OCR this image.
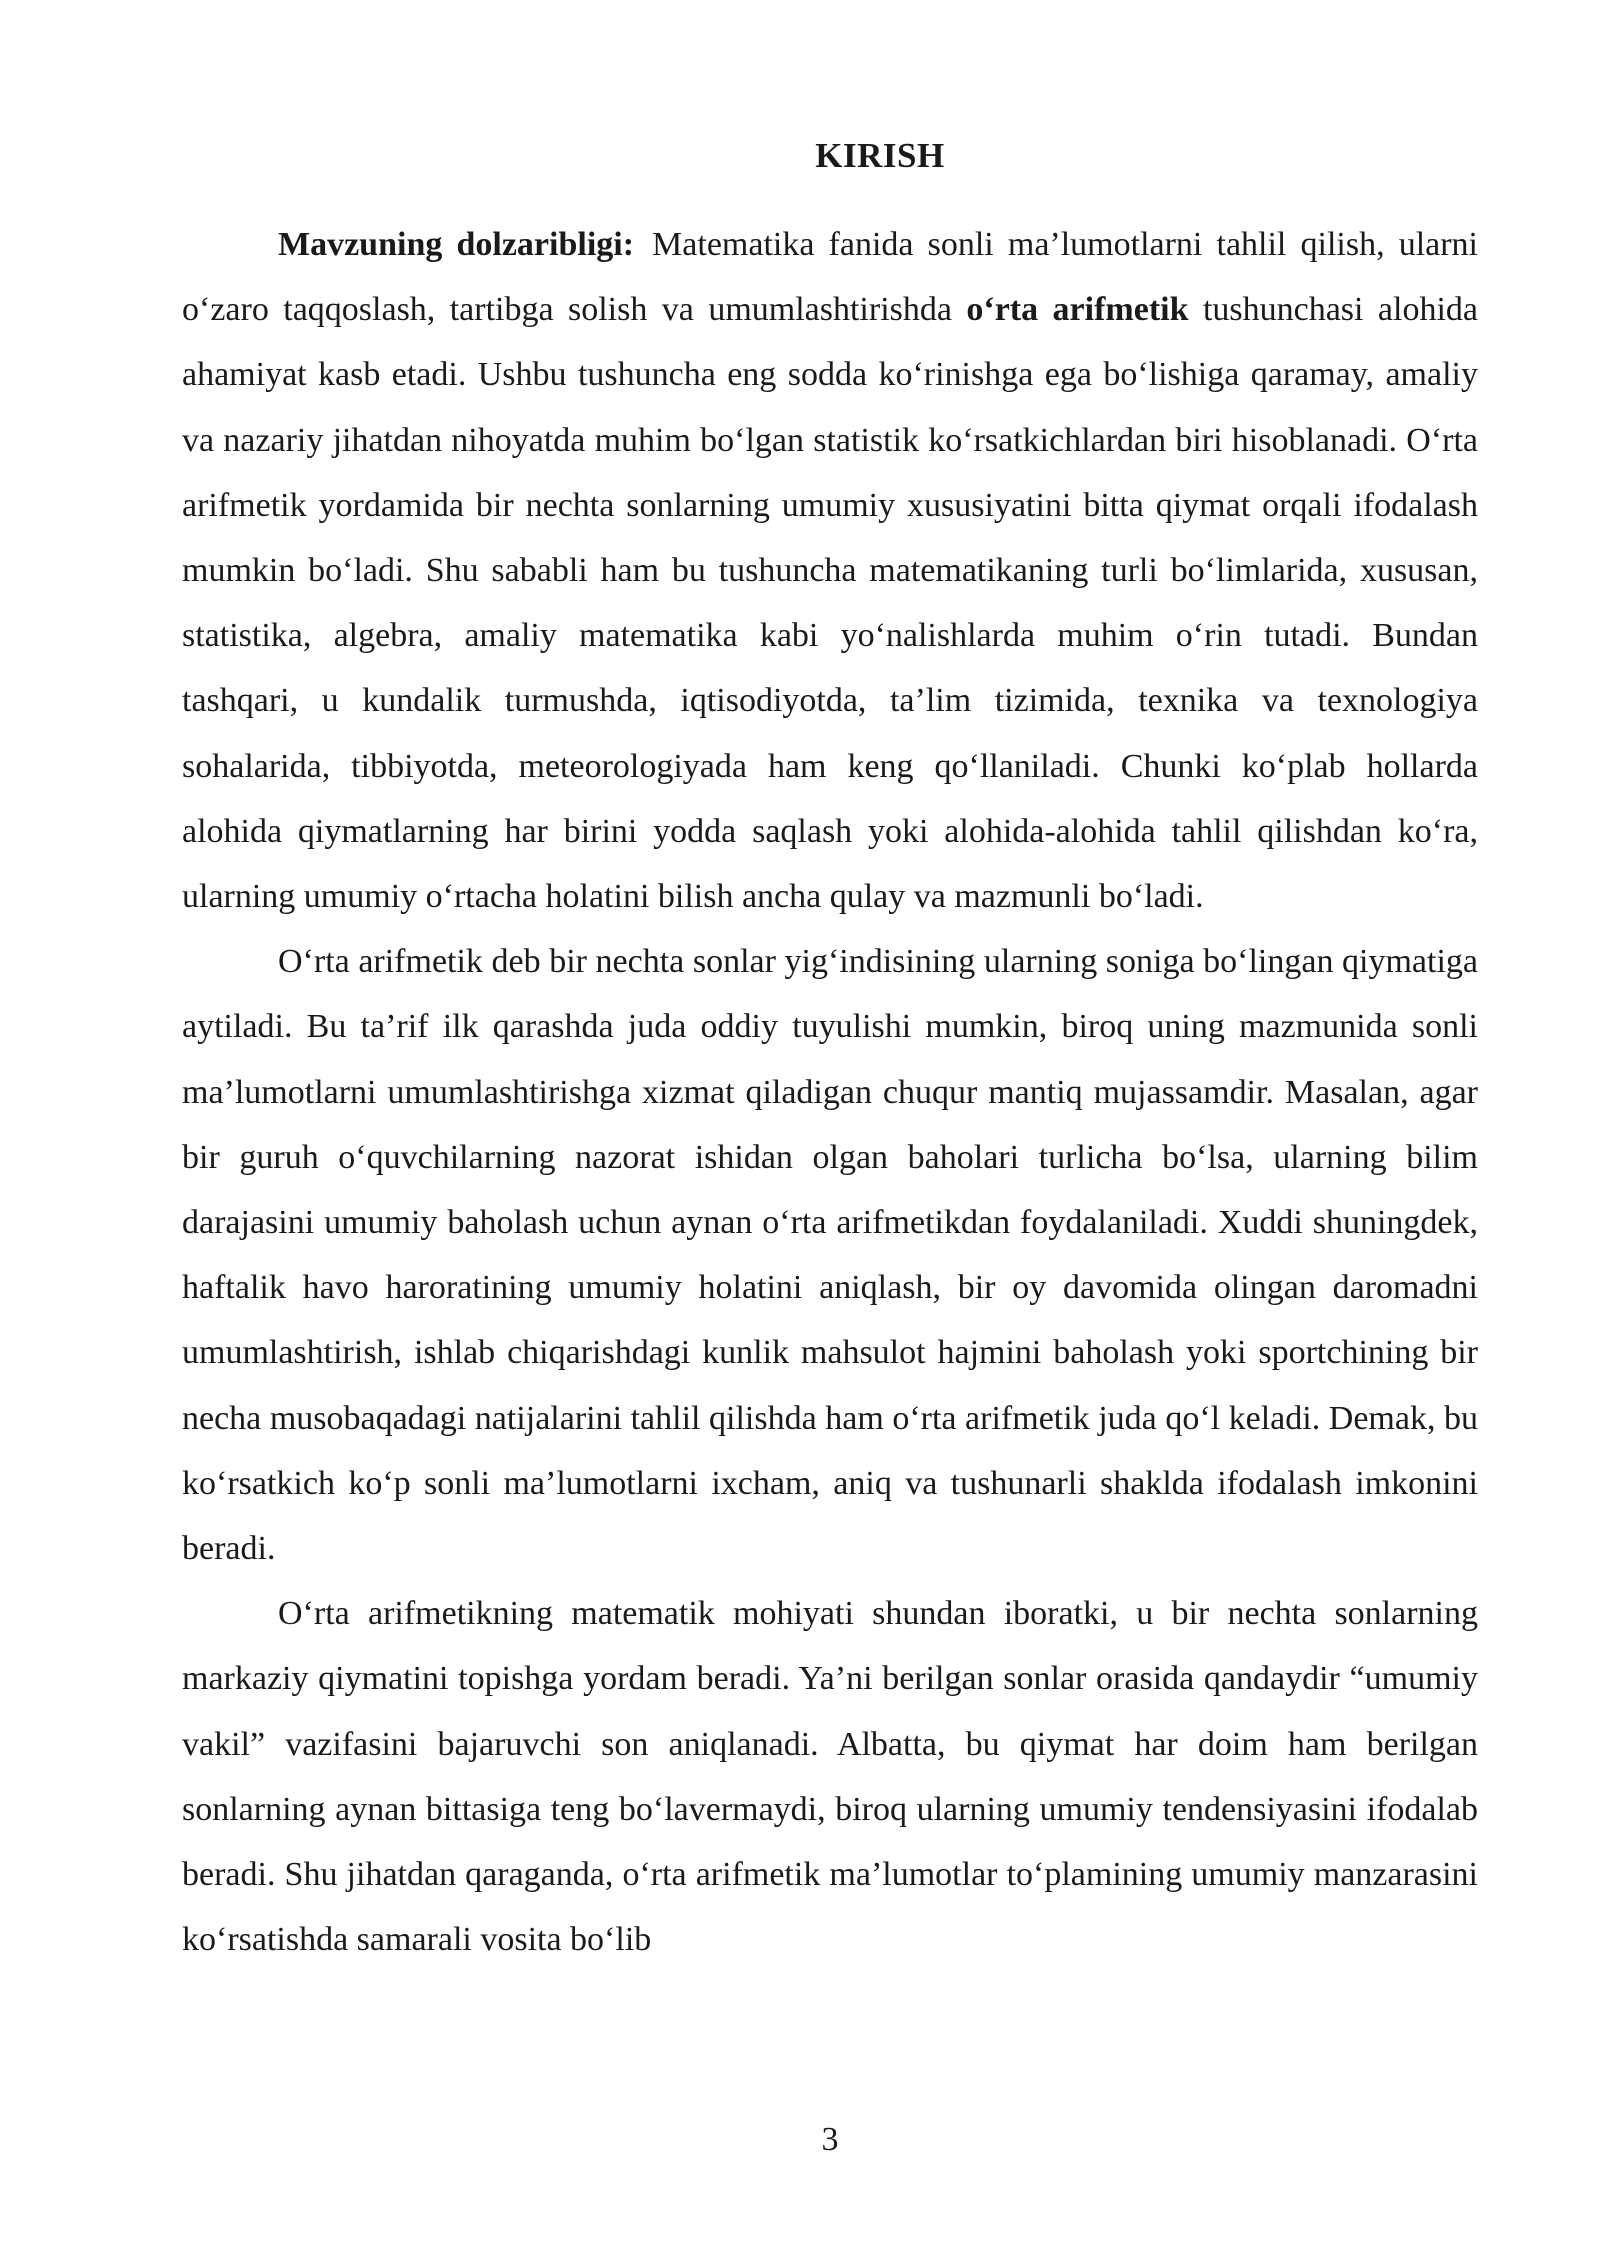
KIRISH

Mavzuning dolzaribligi: Matematika fanida sonli ma’lumotlarni tahlil qilish, ularni o‘zaro taqqoslash, tartibga solish va umumlashtirishda o‘rta arifmetik tushunchasi alohida ahamiyat kasb etadi. Ushbu tushuncha eng sodda ko‘rinishga ega bo‘lishiga qaramay, amaliy va nazariy jihatdan nihoyatda muhim bo‘lgan statistik ko‘rsatkichlardan biri hisoblanadi. O‘rta arifmetik yordamida bir nechta sonlarning umumiy xususiyatini bitta qiymat orqali ifodalash mumkin bo‘ladi. Shu sababli ham bu tushuncha matematikaning turli bo‘limlarida, xususan, statistika, algebra, amaliy matematika kabi yo‘nalishlarda muhim o‘rin tutadi. Bundan tashqari, u kundalik turmushda, iqtisodiyotda, ta’lim tizimida, texnika va texnologiya sohalarida, tibbiyotda, meteorologiyada ham keng qo‘llaniladi. Chunki ko‘plab hollarda alohida qiymatlarning har birini yodda saqlash yoki alohida-alohida tahlil qilishdan ko‘ra, ularning umumiy o‘rtacha holatini bilish ancha qulay va mazmunli bo‘ladi.

O‘rta arifmetik deb bir nechta sonlar yig‘indisining ularning soniga bo‘lingan qiymatiga aytiladi. Bu ta’rif ilk qarashda juda oddiy tuyulishi mumkin, biroq uning mazmunida sonli ma’lumotlarni umumlashtirishga xizmat qiladigan chuqur mantiq mujassamdir. Masalan, agar bir guruh o‘quvchilarning nazorat ishidan olgan baholari turlicha bo‘lsa, ularning bilim darajasini umumiy baholash uchun aynan o‘rta arifmetikdan foydalaniladi. Xuddi shuningdek, haftalik havo haroratining umumiy holatini aniqlash, bir oy davomida olingan daromadni umumlashtirish, ishlab chiqarishdagi kunlik mahsulot hajmini baholash yoki sportchining bir necha musobaqadagi natijalarini tahlil qilishda ham o‘rta arifmetik juda qo‘l keladi. Demak, bu ko‘rsatkich ko‘p sonli ma’lumotlarni ixcham, aniq va tushunarli shaklda ifodalash imkonini beradi.

O‘rta arifmetikning matematik mohiyati shundan iboratki, u bir nechta sonlarning markaziy qiymatini topishga yordam beradi. Ya’ni berilgan sonlar orasida qandaydir “umumiy vakil” vazifasini bajaruvchi son aniqlanadi. Albatta, bu qiymat har doim ham berilgan sonlarning aynan bittasiga teng bo‘lavermaydi, biroq ularning umumiy tendensiyasini ifodalab beradi. Shu jihatdan qaraganda, o‘rta arifmetik ma’lumotlar to‘plamining umumiy manzarasini ko‘rsatishda samarali vosita bo‘lib

3
